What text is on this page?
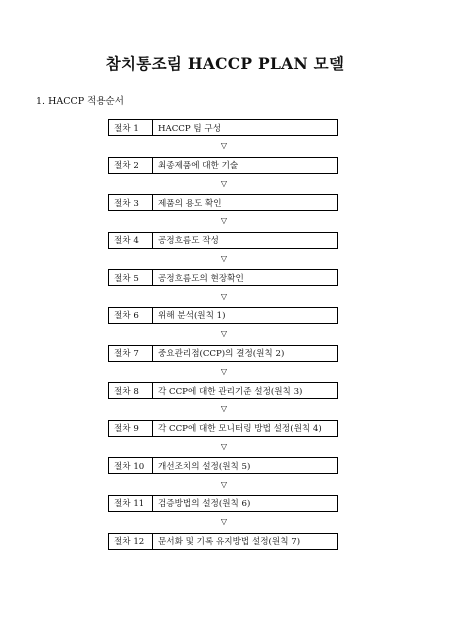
참치통조림 HACCP PLAN 모델
1. HACCP 적용순서
절차 1	HACCP 팀 구성
▽
절차 2	최종제품에 대한 기술
▽
절차 3	제품의 용도 확인
▽
절차 4	공정흐름도 작성
▽
절차 5	공정흐름도의 현장확인
▽
절차 6	위해 분석(원칙 1)
▽
절차 7	중요관리점(CCP)의 결정(원칙 2)
▽
절차 8	각 CCP에 대한 관리기준 설정(원칙 3)
▽
절차 9	각 CCP에 대한 모니터링 방법 설정(원칙 4)
▽
절차 10	개선조치의 설정(원칙 5)
▽
절차 11	검증방법의 설정(원칙 6)
▽
절차 12	문서화 및 기록 유지방법 설정(원칙 7)
